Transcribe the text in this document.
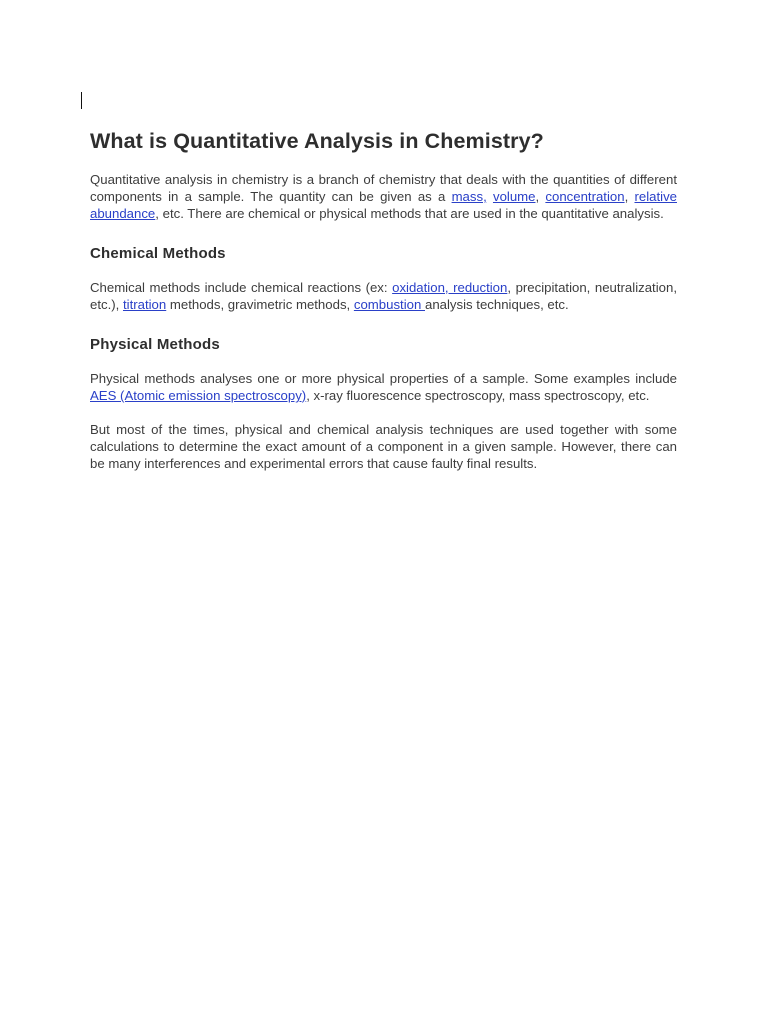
What is Quantitative Analysis in Chemistry?

Quantitative analysis in chemistry is a branch of chemistry that deals with the quantities of different components in a sample. The quantity can be given as a mass, volume, concentration, relative abundance, etc. There are chemical or physical methods that are used in the quantitative analysis.

Chemical Methods

Chemical methods include chemical reactions (ex: oxidation, reduction, precipitation, neutralization, etc.), titration methods, gravimetric methods, combustion analysis techniques, etc.

Physical Methods

Physical methods analyses one or more physical properties of a sample. Some examples include AES (Atomic emission spectroscopy), x-ray fluorescence spectroscopy, mass spectroscopy, etc.

But most of the times, physical and chemical analysis techniques are used together with some calculations to determine the exact amount of a component in a given sample. However, there can be many interferences and experimental errors that cause faulty final results.
